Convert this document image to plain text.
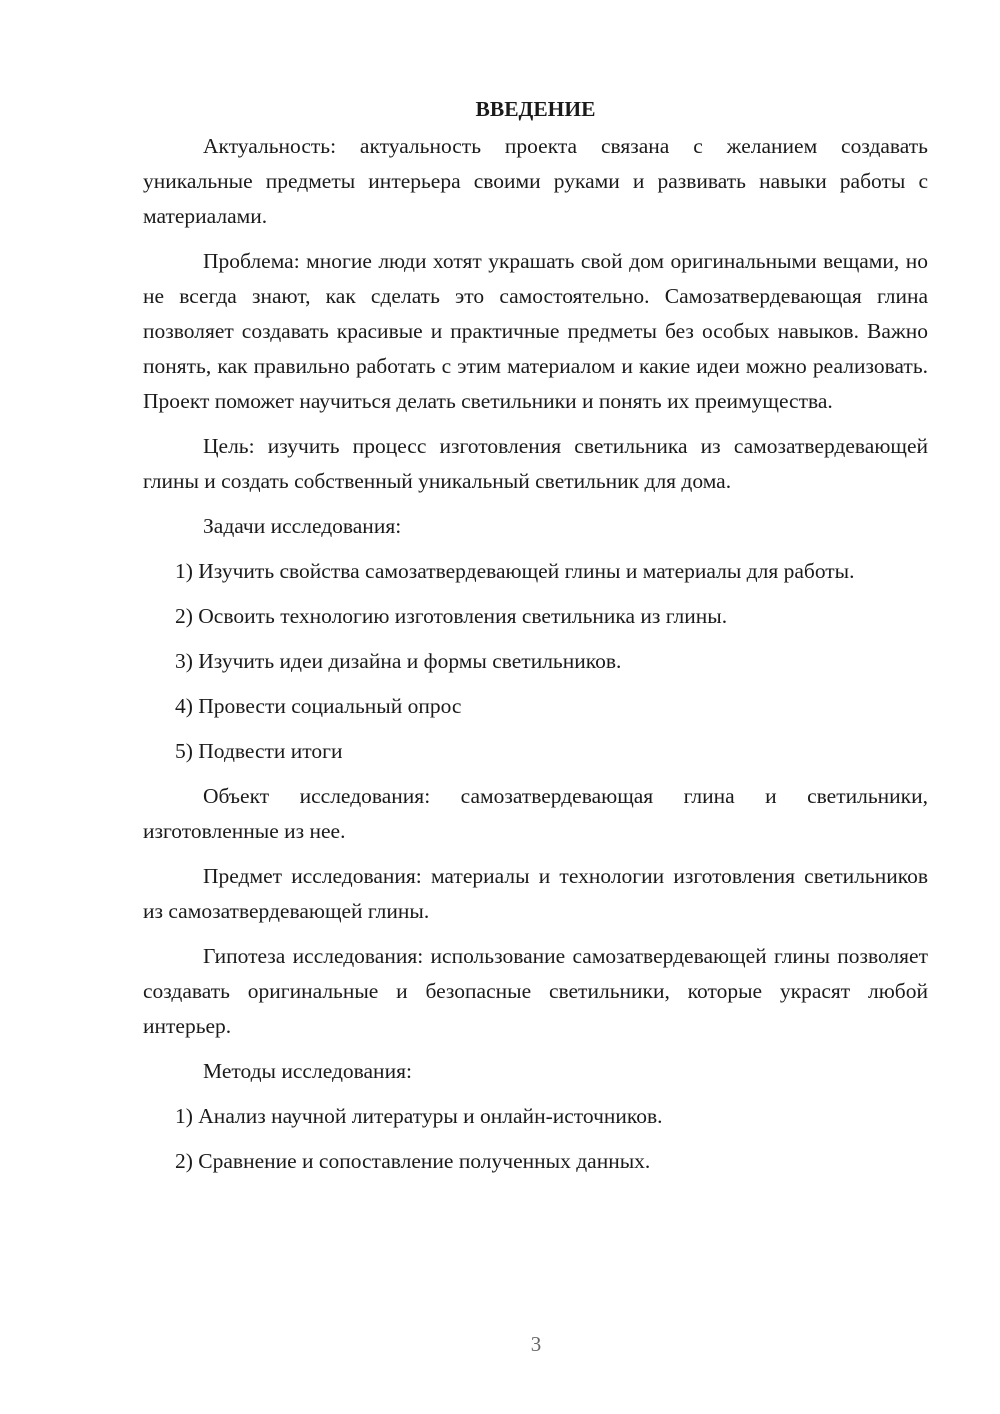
ВВЕДЕНИЕ

Актуальность: актуальность проекта связана с желанием создавать уникальные предметы интерьера своими руками и развивать навыки работы с материалами.

Проблема: многие люди хотят украшать свой дом оригинальными вещами, но не всегда знают, как сделать это самостоятельно. Самозатвердевающая глина позволяет создавать красивые и практичные предметы без особых навыков. Важно понять, как правильно работать с этим материалом и какие идеи можно реализовать. Проект поможет научиться делать светильники и понять их преимущества.

Цель: изучить процесс изготовления светильника из самозатвердевающей глины и создать собственный уникальный светильник для дома.

Задачи исследования:

1) Изучить свойства самозатвердевающей глины и материалы для работы.

2) Освоить технологию изготовления светильника из глины.

3) Изучить идеи дизайна и формы светильников.

4) Провести социальный опрос

5) Подвести итоги

Объект исследования: самозатвердевающая глина и светильники, изготовленные из нее.

Предмет исследования: материалы и технологии изготовления светильников из самозатвердевающей глины.

Гипотеза исследования: использование самозатвердевающей глины позволяет создавать оригинальные и безопасные светильники, которые украсят любой интерьер.

Методы исследования:

1) Анализ научной литературы и онлайн-источников.

2) Сравнение и сопоставление полученных данных.

3
